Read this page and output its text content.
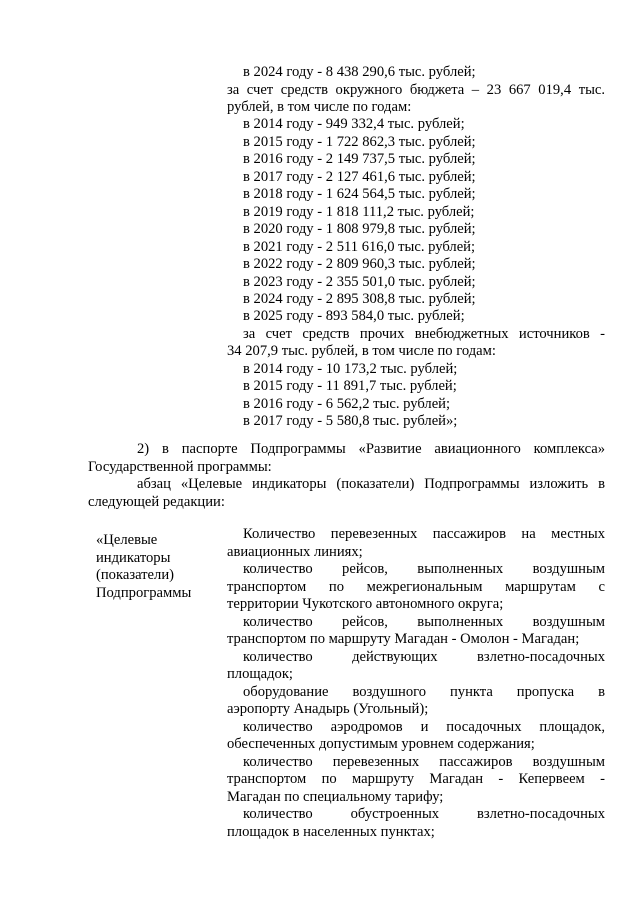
в 2024 году - 8 438 290,6 тыс. рублей;
за счет средств окружного бюджета – 23 667 019,4 тыс.
рублей, в том числе по годам:
в 2014 году - 949 332,4 тыс. рублей;
в 2015 году - 1 722 862,3 тыс. рублей;
в 2016 году - 2 149 737,5 тыс. рублей;
в 2017 году - 2 127 461,6 тыс. рублей;
в 2018 году - 1 624 564,5 тыс. рублей;
в 2019 году - 1 818 111,2 тыс. рублей;
в 2020 году - 1 808 979,8 тыс. рублей;
в 2021 году - 2 511 616,0 тыс. рублей;
в 2022 году - 2 809 960,3 тыс. рублей;
в 2023 году - 2 355 501,0 тыс. рублей;
в 2024 году - 2 895 308,8 тыс. рублей;
в 2025 году - 893 584,0 тыс. рублей;
за счет средств прочих внебюджетных источников -
34 207,9 тыс. рублей, в том числе по годам:
в 2014 году - 10 173,2 тыс. рублей;
в 2015 году - 11 891,7 тыс. рублей;
в 2016 году - 6 562,2 тыс. рублей;
в 2017 году - 5 580,8 тыс. рублей»;
2) в паспорте Подпрограммы «Развитие авиационного комплекса»
Государственной программы:
абзац «Целевые индикаторы (показатели) Подпрограммы изложить в
следующей редакции:
«Целевые
индикаторы
(показатели)
Подпрограммы
Количество перевезенных пассажиров на местных
авиационных линиях;
количество рейсов, выполненных воздушным
транспортом по межрегиональным маршрутам с
территории Чукотского автономного округа;
количество рейсов, выполненных воздушным
транспортом по маршруту Магадан - Омолон - Магадан;
количество действующих взлетно-посадочных
площадок;
оборудование воздушного пункта пропуска в
аэропорту Анадырь (Угольный);
количество аэродромов и посадочных площадок,
обеспеченных допустимым уровнем содержания;
количество перевезенных пассажиров воздушным
транспортом по маршруту Магадан - Кепервеем -
Магадан по специальному тарифу;
количество обустроенных взлетно-посадочных
площадок в населенных пунктах;
